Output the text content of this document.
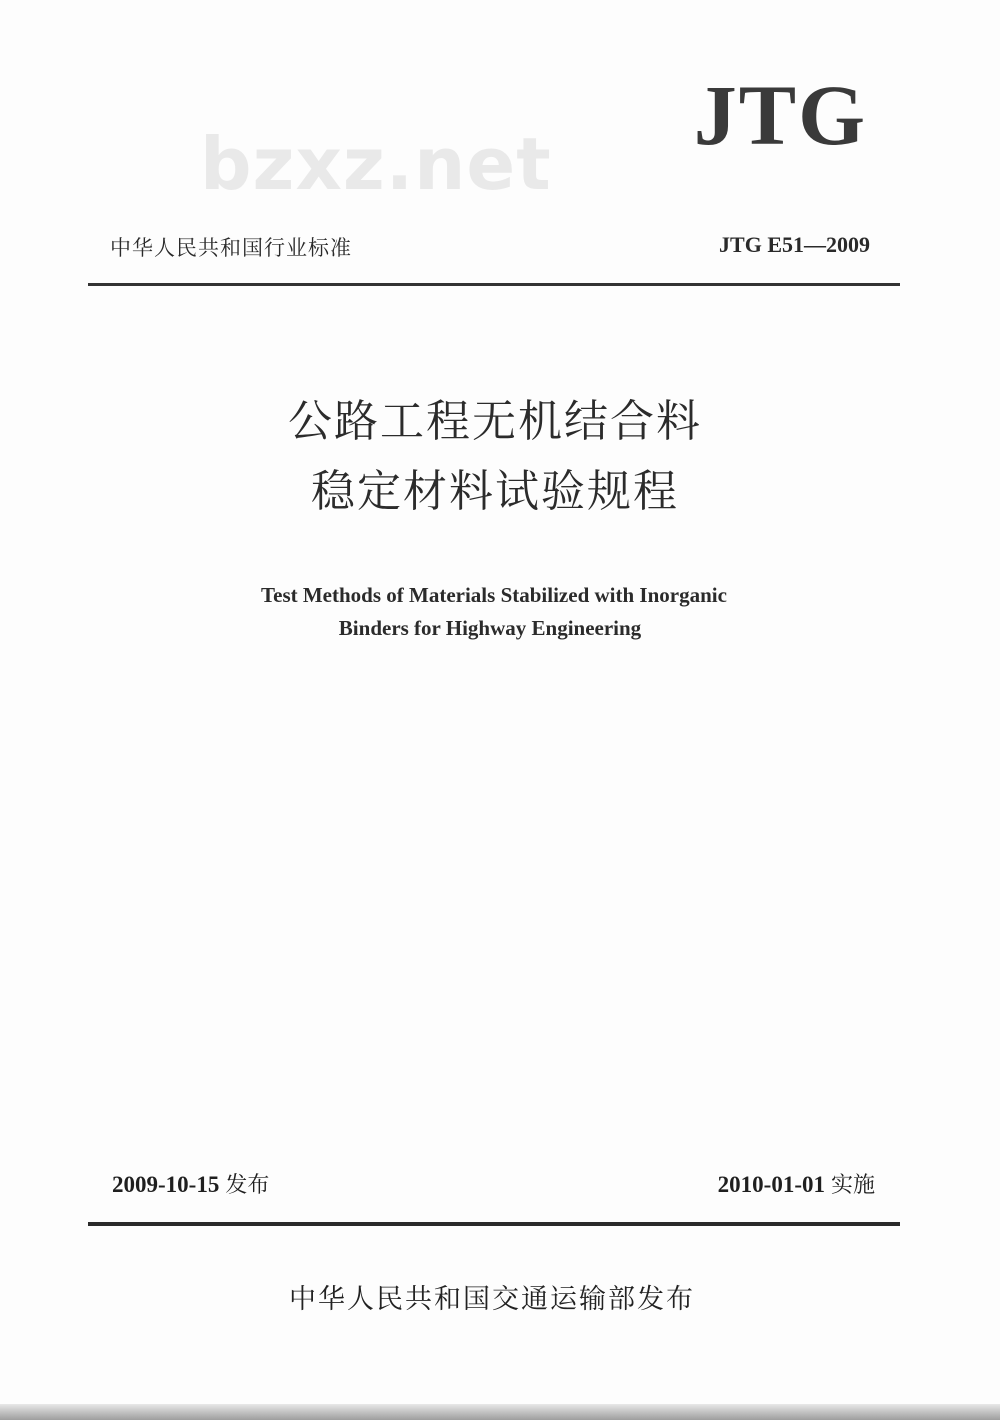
bzxz.net
JTG
中华人民共和国行业标准	JTG E51—2009
公路工程无机结合料
稳定材料试验规程
Test Methods of Materials Stabilized with Inorganic
Binders for Highway Engineering
2009-10-15 发布	2010-01-01 实施
中华人民共和国交通运输部发布
